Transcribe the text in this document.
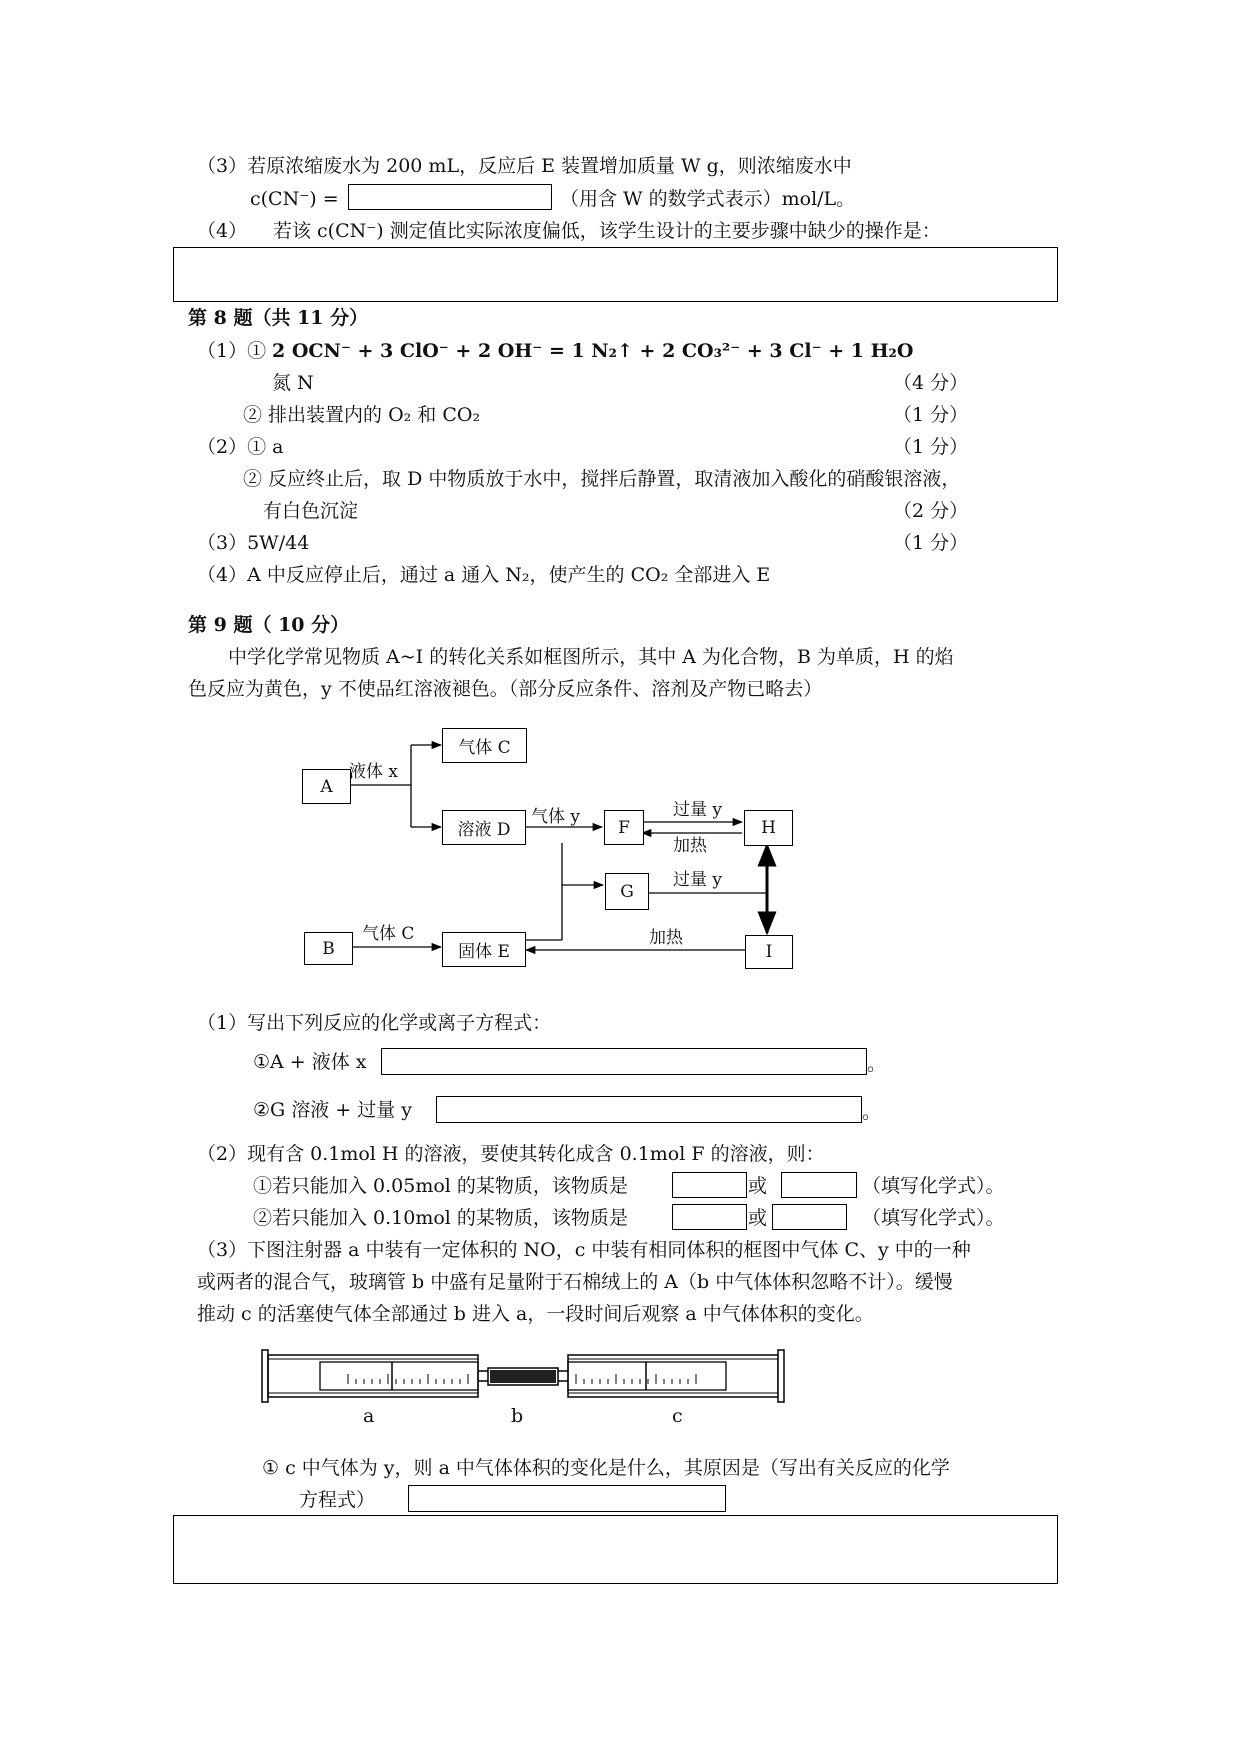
（3）若原浓缩废水为 200 mL，反应后 E 装置增加质量 W g，则浓缩废水中
c(CN⁻) =	（用含 W 的数学式表示）mol/L。
（4） 若该 c(CN⁻) 测定值比实际浓度偏低，该学生设计的主要步骤中缺少的操作是：
第 8 题（共 11 分）
（1）① 2 OCN⁻ + 3 ClO⁻ + 2 OH⁻ = 1 N₂↑ + 2 CO₃²⁻ + 3 Cl⁻ + 1 H₂O
氮 N	（4 分）
② 排出装置内的 O₂ 和 CO₂	（1 分）
（2）① a	（1 分）
② 反应终止后，取 D 中物质放于水中，搅拌后静置，取清液加入酸化的硝酸银溶液，
有白色沉淀	（2 分）
（3）5W/44	（1 分）
（4）A 中反应停止后，通过 a 通入 N₂，使产生的 CO₂ 全部进入 E
第 9 题（ 10 分）
中学化学常见物质 A~I 的转化关系如框图所示，其中 A 为化合物，B 为单质，H 的焰
色反应为黄色，y 不使品红溶液褪色。（部分反应条件、溶剂及产物已略去）
A
气体 C
溶液 D	F	H
G
B	固体 E	I
液体 x
气体 y	过量 y
加热
过量 y
气体 C	加热
（1）写出下列反应的化学或离子方程式：
①A + 液体 x	。
②G 溶液 + 过量 y	。
（2）现有含 0.1mol H 的溶液，要使其转化成含 0.1mol F 的溶液，则：
①若只能加入 0.05mol 的某物质，该物质是	或	（填写化学式）。
②若只能加入 0.10mol 的某物质，该物质是	或	（填写化学式）。
（3）下图注射器 a 中装有一定体积的 NO，c 中装有相同体积的框图中气体 C、y 中的一种
或两者的混合气，玻璃管 b 中盛有足量附于石棉绒上的 A（b 中气体体积忽略不计）。缓慢
推动 c 的活塞使气体全部通过 b 进入 a，一段时间后观察 a 中气体体积的变化。
a	b	c
① c 中气体为 y，则 a 中气体体积的变化是什么，其原因是（写出有关反应的化学
方程式）
